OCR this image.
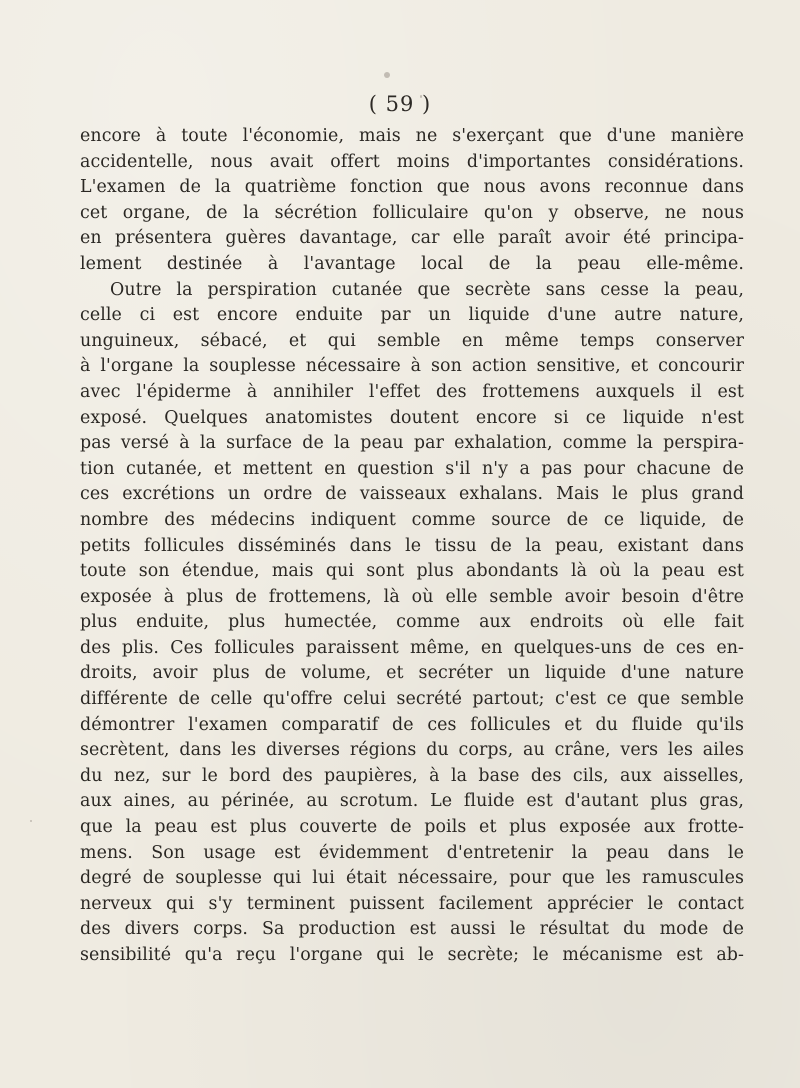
( 59 )
encore à toute l'économie, mais ne s'exerçant que d'une manière
accidentelle, nous avait offert moins d'importantes considérations.
L'examen de la quatrième fonction que nous avons reconnue dans
cet organe, de la sécrétion folliculaire qu'on y observe, ne nous
en présentera guères davantage, car elle paraît avoir été principa-
lement destinée à l'avantage local de la peau elle-même.
Outre la perspiration cutanée que secrète sans cesse la peau,
celle ci est encore enduite par un liquide d'une autre nature,
unguineux, sébacé, et qui semble en même temps conserver
à l'organe la souplesse nécessaire à son action sensitive, et concourir
avec l'épiderme à annihiler l'effet des frottemens auxquels il est
exposé. Quelques anatomistes doutent encore si ce liquide n'est
pas versé à la surface de la peau par exhalation, comme la perspira-
tion cutanée, et mettent en question s'il n'y a pas pour chacune de
ces excrétions un ordre de vaisseaux exhalans. Mais le plus grand
nombre des médecins indiquent comme source de ce liquide, de
petits follicules disséminés dans le tissu de la peau, existant dans
toute son étendue, mais qui sont plus abondants là où la peau est
exposée à plus de frottemens, là où elle semble avoir besoin d'être
plus enduite, plus humectée, comme aux endroits où elle fait
des plis. Ces follicules paraissent même, en quelques-uns de ces en-
droits, avoir plus de volume, et secréter un liquide d'une nature
différente de celle qu'offre celui secrété partout; c'est ce que semble
démontrer l'examen comparatif de ces follicules et du fluide qu'ils
secrètent, dans les diverses régions du corps, au crâne, vers les ailes
du nez, sur le bord des paupières, à la base des cils, aux aisselles,
aux aines, au périnée, au scrotum. Le fluide est d'autant plus gras,
que la peau est plus couverte de poils et plus exposée aux frotte-
mens. Son usage est évidemment d'entretenir la peau dans le
degré de souplesse qui lui était nécessaire, pour que les ramuscules
nerveux qui s'y terminent puissent facilement apprécier le contact
des divers corps. Sa production est aussi le résultat du mode de
sensibilité qu'a reçu l'organe qui le secrète; le mécanisme est ab-
